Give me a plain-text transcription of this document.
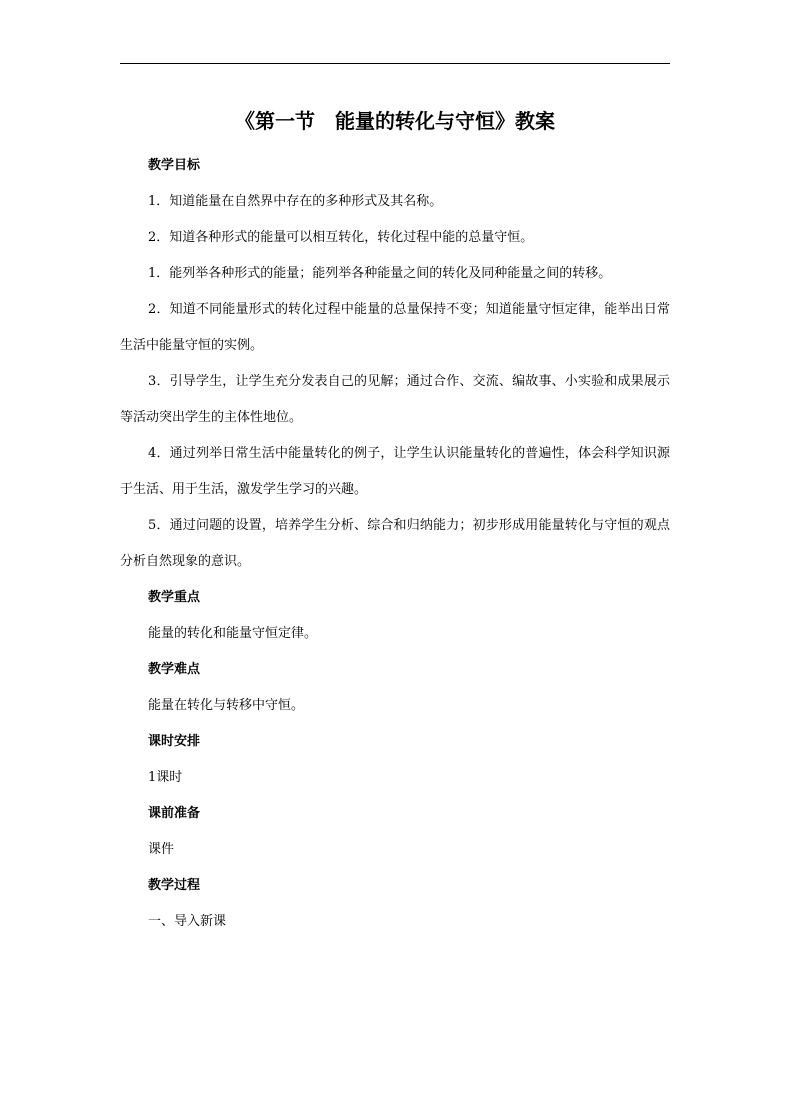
《第一节　能量的转化与守恒》教案

教学目标

1．知道能量在自然界中存在的多种形式及其名称。

2．知道各种形式的能量可以相互转化，转化过程中能的总量守恒。

1．能列举各种形式的能量；能列举各种能量之间的转化及同种能量之间的转移。

2．知道不同能量形式的转化过程中能量的总量保持不变；知道能量守恒定律，能举出日常生活中能量守恒的实例。

3．引导学生，让学生充分发表自己的见解；通过合作、交流、编故事、小实验和成果展示等活动突出学生的主体性地位。

4．通过列举日常生活中能量转化的例子，让学生认识能量转化的普遍性，体会科学知识源于生活、用于生活，激发学生学习的兴趣。

5．通过问题的设置，培养学生分析、综合和归纳能力；初步形成用能量转化与守恒的观点分析自然现象的意识。

教学重点

能量的转化和能量守恒定律。

教学难点

能量在转化与转移中守恒。

课时安排

1课时

课前准备

课件

教学过程

一、导入新课
